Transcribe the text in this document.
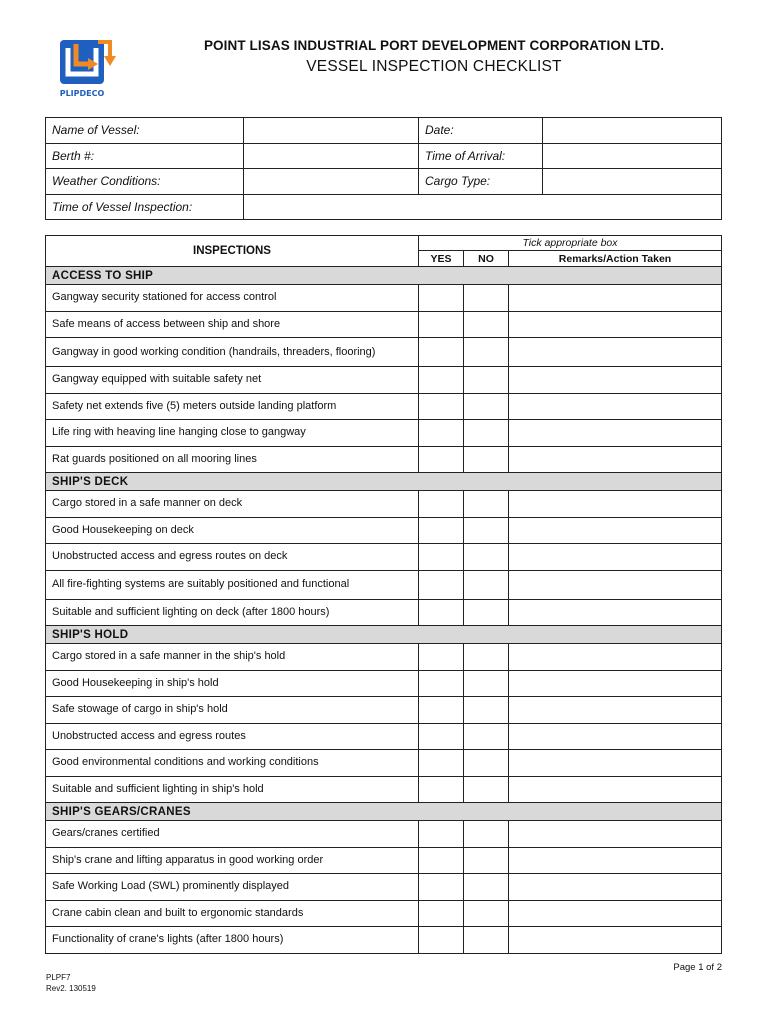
PLIPDECO
POINT LISAS INDUSTRIAL PORT DEVELOPMENT CORPORATION LTD.
VESSEL INSPECTION CHECKLIST
Name of Vessel:		Date:	
Berth #:		Time of Arrival:	
Weather Conditions:		Cargo Type:	
Time of Vessel Inspection:			
INSPECTIONS	Tick appropriate box		
	YES	NO	Remarks/Action Taken
ACCESS TO SHIP			
Gangway security stationed for access control			
Safe means of access between ship and shore			
Gangway in good working condition (handrails, threaders, flooring)			
Gangway equipped with suitable safety net			
Safety net extends five (5) meters outside landing platform			
Life ring with heaving line hanging close to gangway			
Rat guards positioned on all mooring lines			
SHIP'S DECK			
Cargo stored in a safe manner on deck			
Good Housekeeping on deck			
Unobstructed access and egress routes on deck			
All fire-fighting systems are suitably positioned and functional			
Suitable and sufficient lighting on deck (after 1800 hours)			
SHIP'S HOLD			
Cargo stored in a safe manner in the ship's hold			
Good Housekeeping in ship's hold			
Safe stowage of cargo in ship's hold			
Unobstructed access and egress routes			
Good environmental conditions and working conditions			
Suitable and sufficient lighting in ship's hold			
SHIP'S GEARS/CRANES			
Gears/cranes certified			
Ship's crane and lifting apparatus in good working order			
Safe Working Load (SWL) prominently displayed			
Crane cabin clean and built to ergonomic standards			
Functionality of crane's lights (after 1800 hours)			
Page 1 of 2
PLPF7
Rev2. 130519
